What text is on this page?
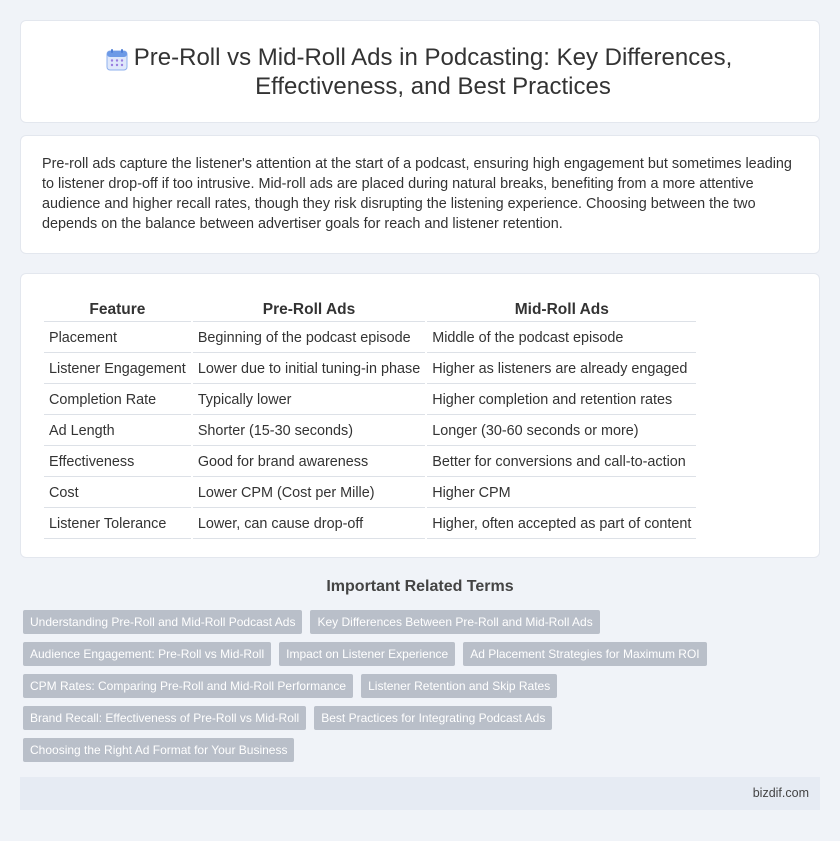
Pre-Roll vs Mid-Roll Ads in Podcasting: Key Differences, Effectiveness, and Best Practices

Pre-roll ads capture the listener's attention at the start of a podcast, ensuring high engagement but sometimes leading to listener drop-off if too intrusive. Mid-roll ads are placed during natural breaks, benefiting from a more attentive audience and higher recall rates, though they risk disrupting the listening experience. Choosing between the two depends on the balance between advertiser goals for reach and listener retention.

Feature	Pre-Roll Ads	Mid-Roll Ads
Placement	Beginning of the podcast episode	Middle of the podcast episode
Listener Engagement	Lower due to initial tuning-in phase	Higher as listeners are already engaged
Completion Rate	Typically lower	Higher completion and retention rates
Ad Length	Shorter (15-30 seconds)	Longer (30-60 seconds or more)
Effectiveness	Good for brand awareness	Better for conversions and call-to-action
Cost	Lower CPM (Cost per Mille)	Higher CPM
Listener Tolerance	Lower, can cause drop-off	Higher, often accepted as part of content
Important Related Terms
Understanding Pre-Roll and Mid-Roll Podcast Ads	Key Differences Between Pre-Roll and Mid-Roll Ads
Audience Engagement: Pre-Roll vs Mid-Roll	Impact on Listener Experience	Ad Placement Strategies for Maximum ROI
CPM Rates: Comparing Pre-Roll and Mid-Roll Performance	Listener Retention and Skip Rates
Brand Recall: Effectiveness of Pre-Roll vs Mid-Roll	Best Practices for Integrating Podcast Ads
Choosing the Right Ad Format for Your Business
bizdif.com
